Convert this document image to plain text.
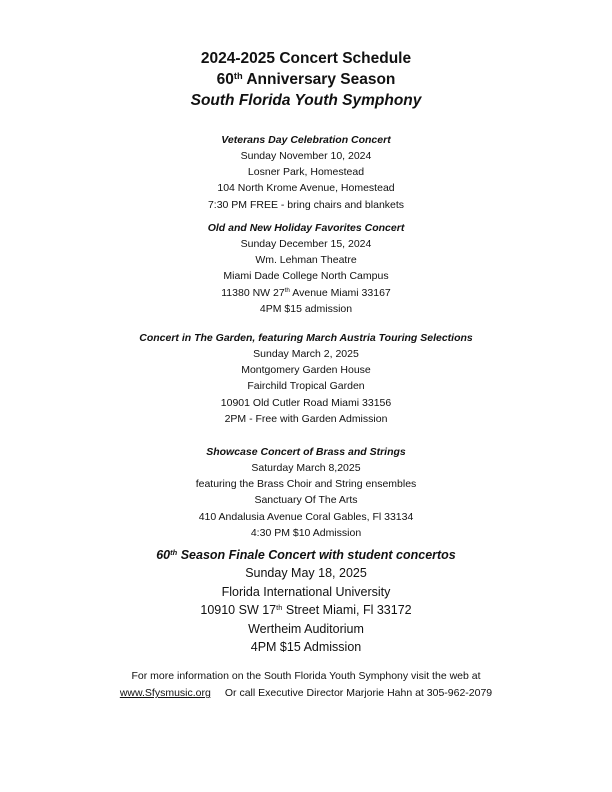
2024-2025 Concert Schedule
60th Anniversary Season
South Florida Youth Symphony
Veterans Day Celebration Concert
Sunday November 10, 2024
Losner Park, Homestead
104 North Krome Avenue, Homestead
7:30 PM FREE - bring chairs and blankets
Old and New Holiday Favorites Concert
Sunday December 15, 2024
Wm. Lehman Theatre
Miami Dade College North Campus
11380 NW 27th Avenue Miami 33167
4PM $15 admission
Concert in The Garden, featuring March Austria Touring Selections
Sunday March 2, 2025
Montgomery Garden House
Fairchild Tropical Garden
10901 Old Cutler Road Miami 33156
2PM - Free with Garden Admission
Showcase Concert of Brass and Strings
Saturday March 8,2025
featuring the Brass Choir and String ensembles
Sanctuary Of The Arts
410 Andalusia Avenue Coral Gables, Fl 33134
4:30 PM $10 Admission
60th Season Finale Concert with student concertos
Sunday May 18, 2025
Florida International University
10910 SW 17th Street Miami, Fl 33172
Wertheim Auditorium
4PM $15 Admission
For more information on the South Florida Youth Symphony visit the web at
www.Sfysmusic.org Or call Executive Director Marjorie Hahn at 305-962-2079
